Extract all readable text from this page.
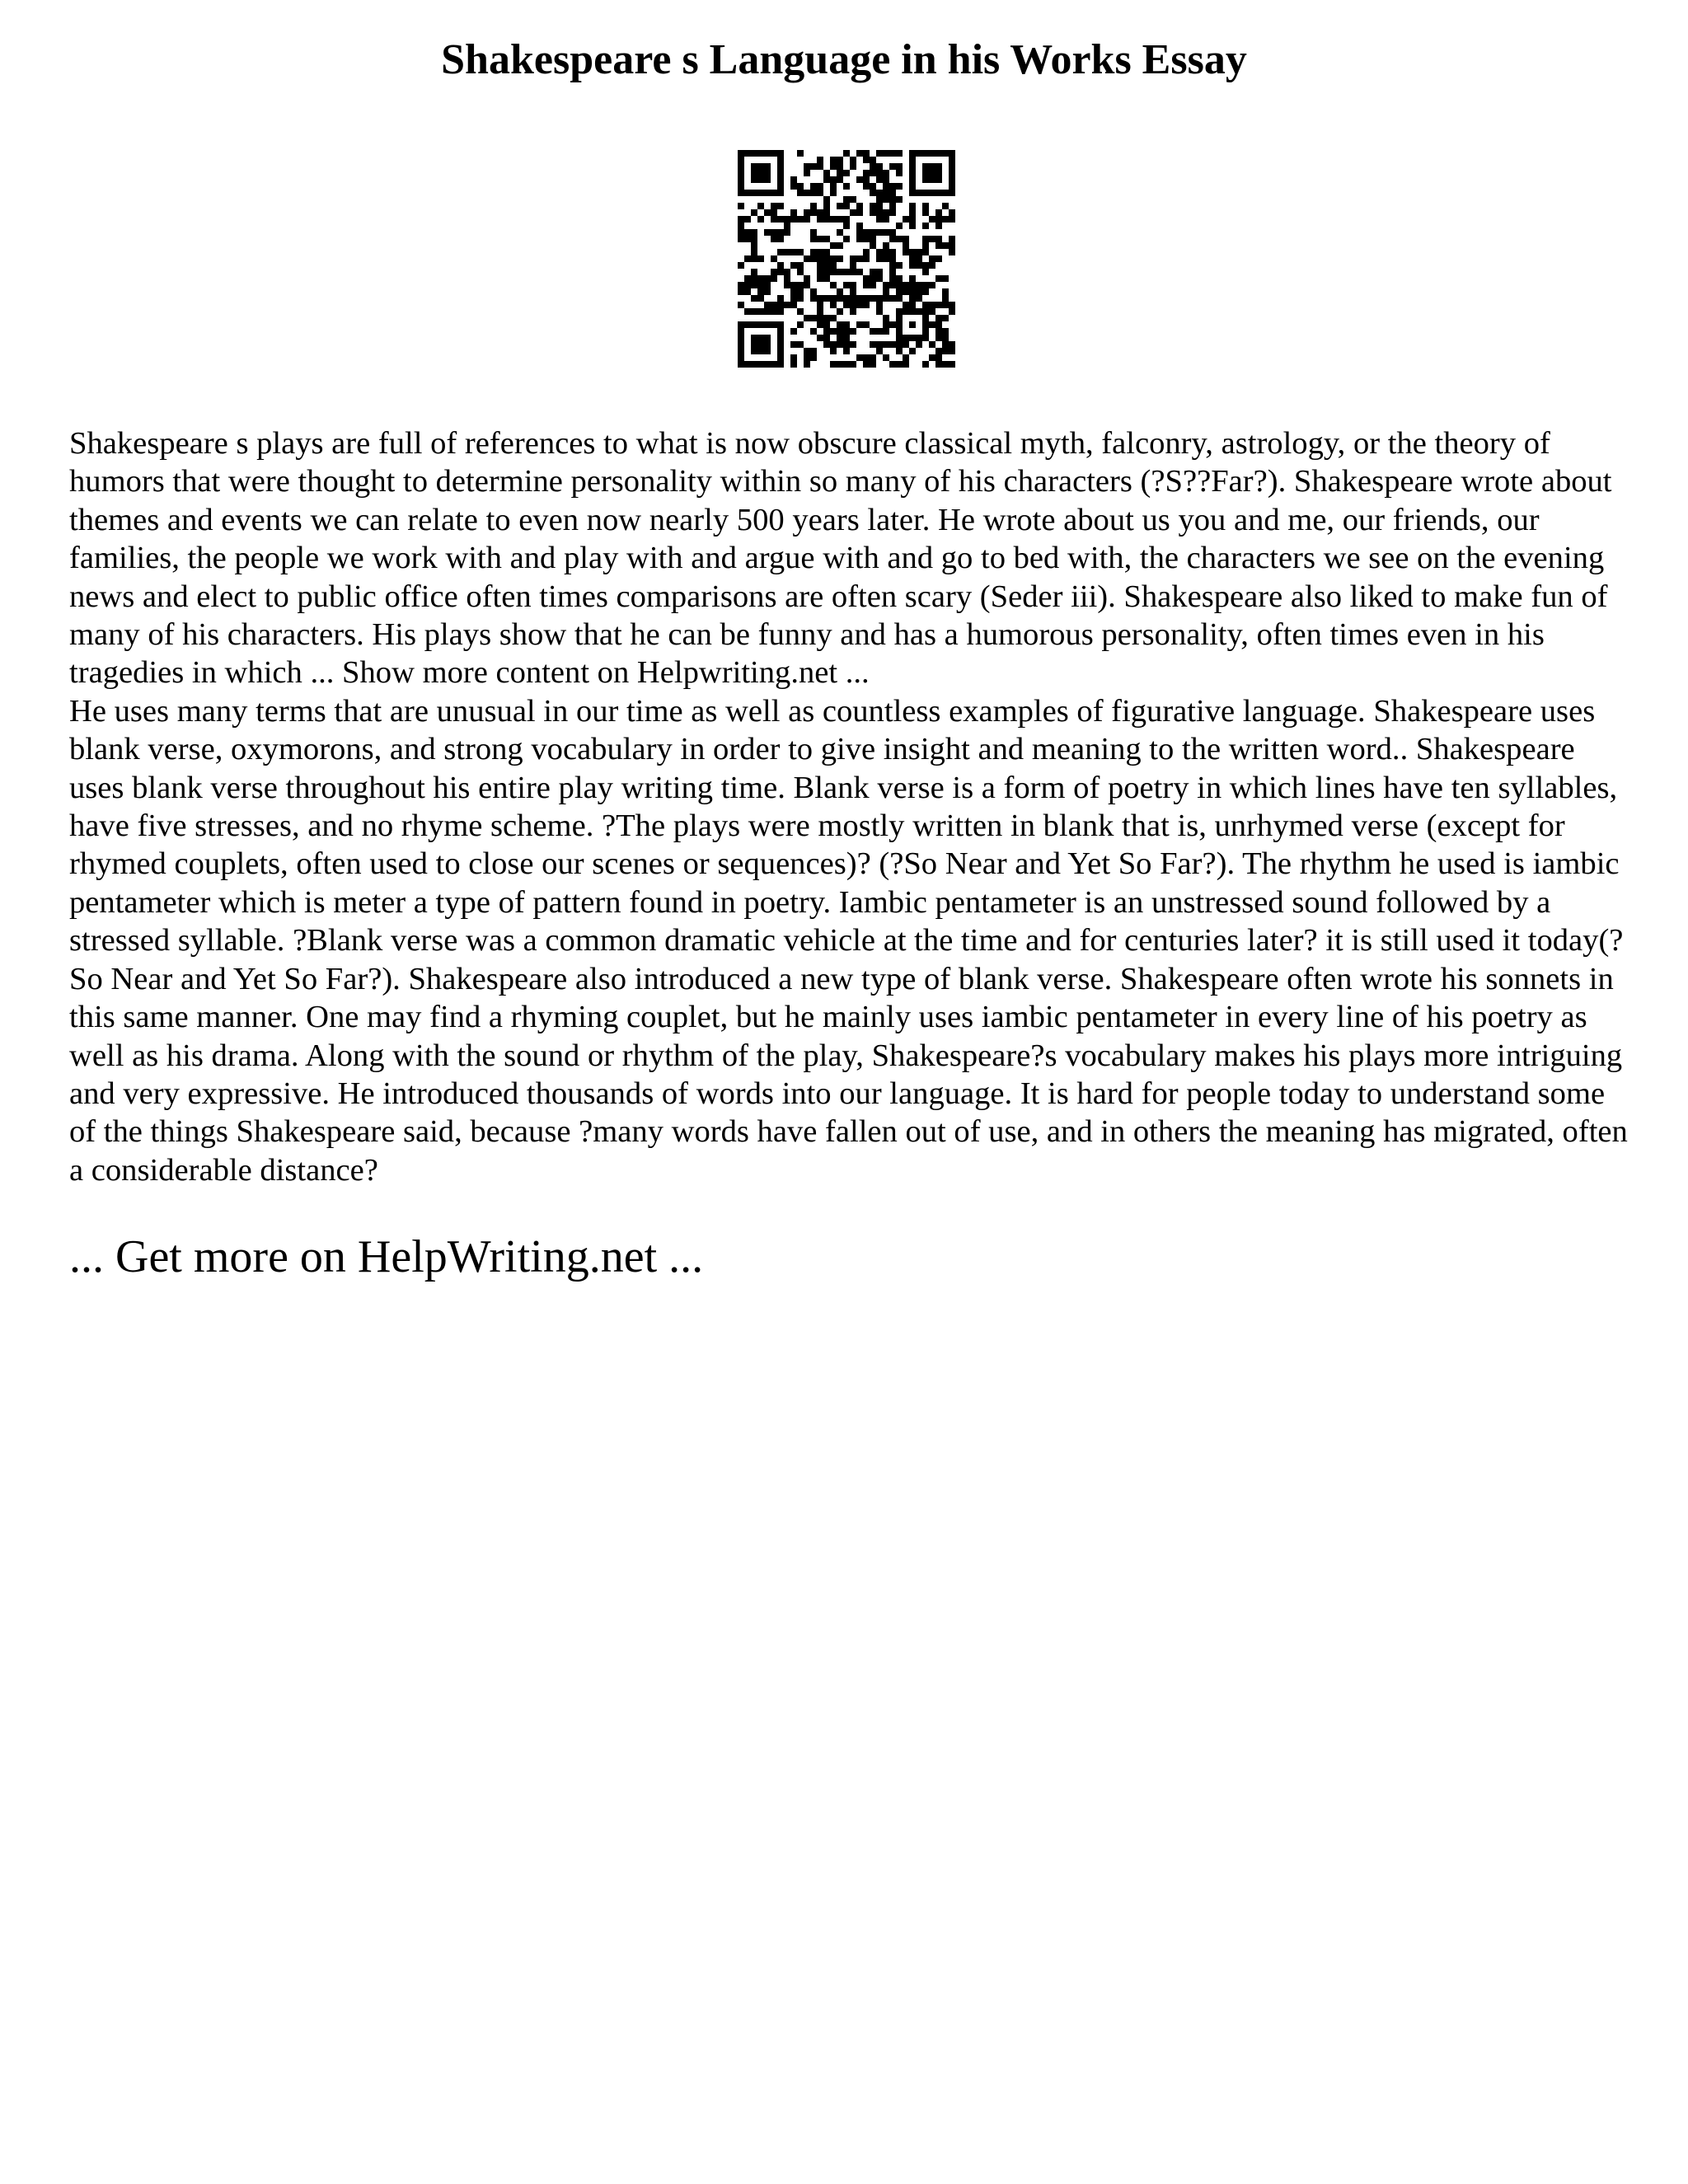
Shakespeare s Language in his Works Essay

Shakespeare s plays are full of references to what is now obscure classical myth, falconry, astrology, or the theory of humors that were thought to determine personality within so many of his characters (?S??Far?). Shakespeare wrote about themes and events we can relate to even now nearly 500 years later. He wrote about us you and me, our friends, our families, the people we work with and play with and argue with and go to bed with, the characters we see on the evening news and elect to public office often times comparisons are often scary (Seder iii). Shakespeare also liked to make fun of many of his characters. His plays show that he can be funny and has a humorous personality, often times even in his tragedies in which ... Show more content on Helpwriting.net ...

He uses many terms that are unusual in our time as well as countless examples of figurative language. Shakespeare uses blank verse, oxymorons, and strong vocabulary in order to give insight and meaning to the written word.. Shakespeare uses blank verse throughout his entire play writing time. Blank verse is a form of poetry in which lines have ten syllables, have five stresses, and no rhyme scheme. ?The plays were mostly written in blank that is, unrhymed verse (except for rhymed couplets, often used to close our scenes or sequences)? (?So Near and Yet So Far?). The rhythm he used is iambic pentameter which is meter a type of pattern found in poetry. Iambic pentameter is an unstressed sound followed by a stressed syllable. ?Blank verse was a common dramatic vehicle at the time and for centuries later? it is still used it today(?So Near and Yet So Far?). Shakespeare also introduced a new type of blank verse. Shakespeare often wrote his sonnets in this same manner. One may find a rhyming couplet, but he mainly uses iambic pentameter in every line of his poetry as well as his drama. Along with the sound or rhythm of the play, Shakespeare?s vocabulary makes his plays more intriguing and very expressive. He introduced thousands of words into our language. It is hard for people today to understand some of the things Shakespeare said, because ?many words have fallen out of use, and in others the meaning has migrated, often a considerable distance?

... Get more on HelpWriting.net ...
